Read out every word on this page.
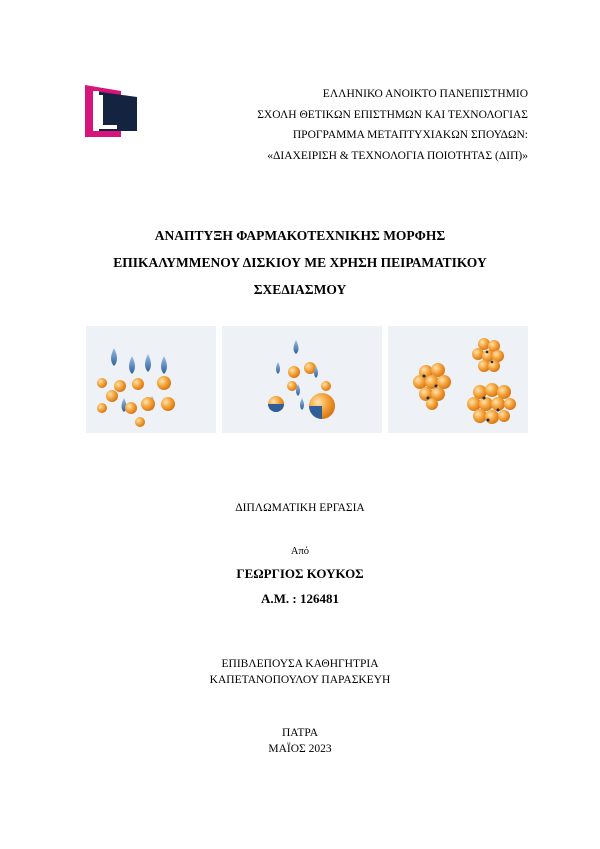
ΕΛΛΗΝΙΚΟ ΑΝΟΙΚΤΟ ΠΑΝΕΠΙΣΤΗΜΙΟ
ΣΧΟΛΗ ΘΕΤΙΚΩΝ ΕΠΙΣΤΗΜΩΝ ΚΑΙ ΤΕΧΝΟΛΟΓΙΑΣ
ΠΡΟΓΡΑΜΜΑ ΜΕΤΑΠΤΥΧΙΑΚΩΝ ΣΠΟΥΔΩΝ:
«ΔΙΑΧΕΙΡΙΣΗ & ΤΕΧΝΟΛΟΓΙΑ ΠΟΙΟΤΗΤΑΣ (ΔΙΠ)»
ΑΝΑΠΤΥΞΗ ΦΑΡΜΑΚΟΤΕΧΝΙΚΗΣ ΜΟΡΦΗΣ
ΕΠΙΚΑΛΥΜΜΕΝΟΥ ΔΙΣΚΙΟΥ ΜΕ ΧΡΗΣΗ ΠΕΙΡΑΜΑΤΙΚΟΥ
ΣΧΕΔΙΑΣΜΟΥ
ΔΙΠΛΩΜΑΤΙΚΗ ΕΡΓΑΣΙΑ
Από
ΓΕΩΡΓΙΟΣ ΚΟΥΚΟΣ
Α.Μ. : 126481
ΕΠΙΒΛΕΠΟΥΣΑ ΚΑΘΗΓΗΤΡΙΑ
ΚΑΠΕΤΑΝΟΠΟΥΛΟΥ ΠΑΡΑΣΚΕΥΗ
ΠΑΤΡΑ
ΜΑΪΟΣ 2023
